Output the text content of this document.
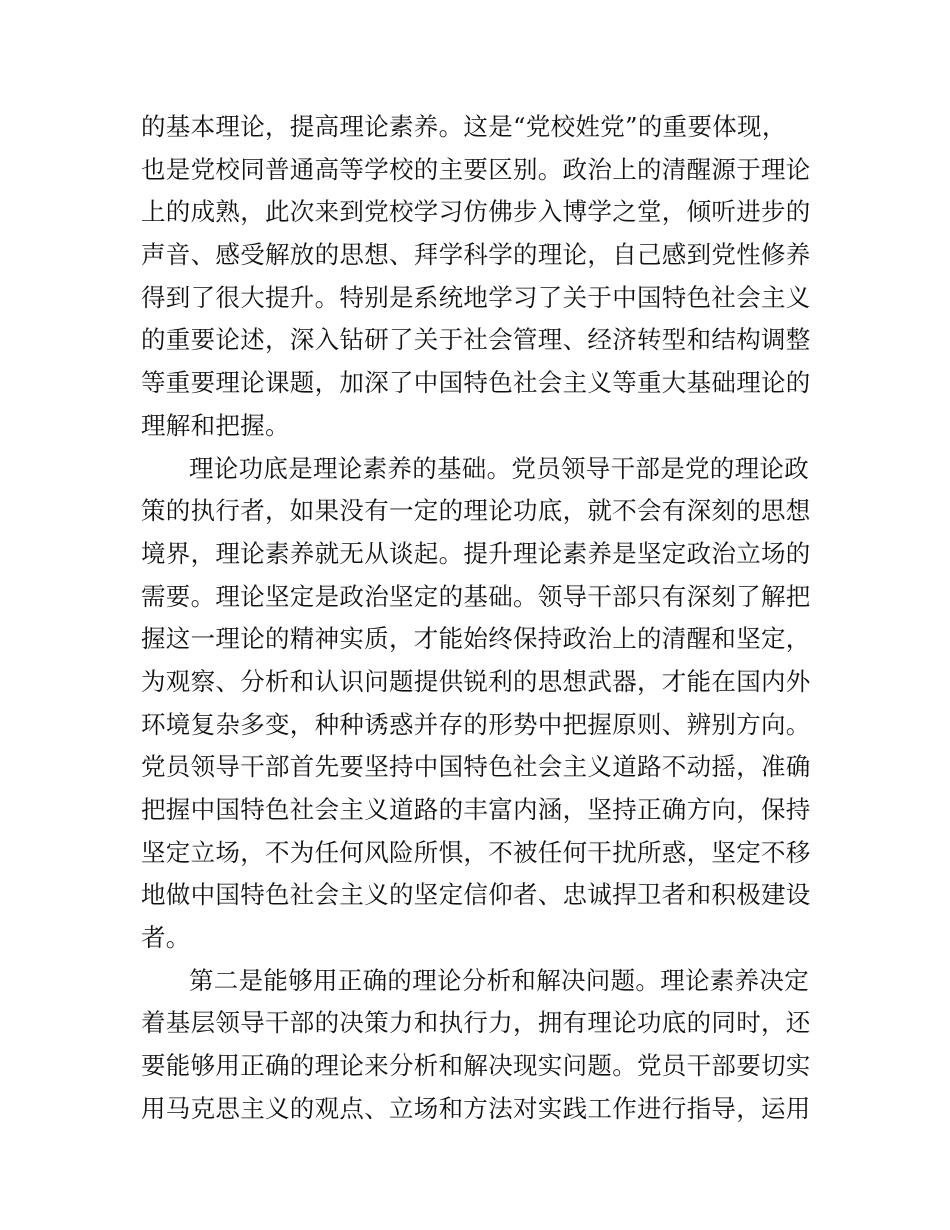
的基本理论，提高理论素养。这是“党校姓党”的重要体现，
也是党校同普通高等学校的主要区别。政治上的清醒源于理论
上的成熟，此次来到党校学习仿佛步入博学之堂，倾听进步的
声音、感受解放的思想、拜学科学的理论，自己感到党性修养
得到了很大提升。特别是系统地学习了关于中国特色社会主义
的重要论述，深入钻研了关于社会管理、经济转型和结构调整
等重要理论课题，加深了中国特色社会主义等重大基础理论的
理解和把握。
理论功底是理论素养的基础。党员领导干部是党的理论政
策的执行者，如果没有一定的理论功底，就不会有深刻的思想
境界，理论素养就无从谈起。提升理论素养是坚定政治立场的
需要。理论坚定是政治坚定的基础。领导干部只有深刻了解把
握这一理论的精神实质，才能始终保持政治上的清醒和坚定，
为观察、分析和认识问题提供锐利的思想武器，才能在国内外
环境复杂多变，种种诱惑并存的形势中把握原则、辨别方向。
党员领导干部首先要坚持中国特色社会主义道路不动摇，准确
把握中国特色社会主义道路的丰富内涵，坚持正确方向，保持
坚定立场，不为任何风险所惧，不被任何干扰所惑，坚定不移
地做中国特色社会主义的坚定信仰者、忠诚捍卫者和积极建设
者。
第二是能够用正确的理论分析和解决问题。理论素养决定
着基层领导干部的决策力和执行力，拥有理论功底的同时，还
要能够用正确的理论来分析和解决现实问题。党员干部要切实
用马克思主义的观点、立场和方法对实践工作进行指导，运用
